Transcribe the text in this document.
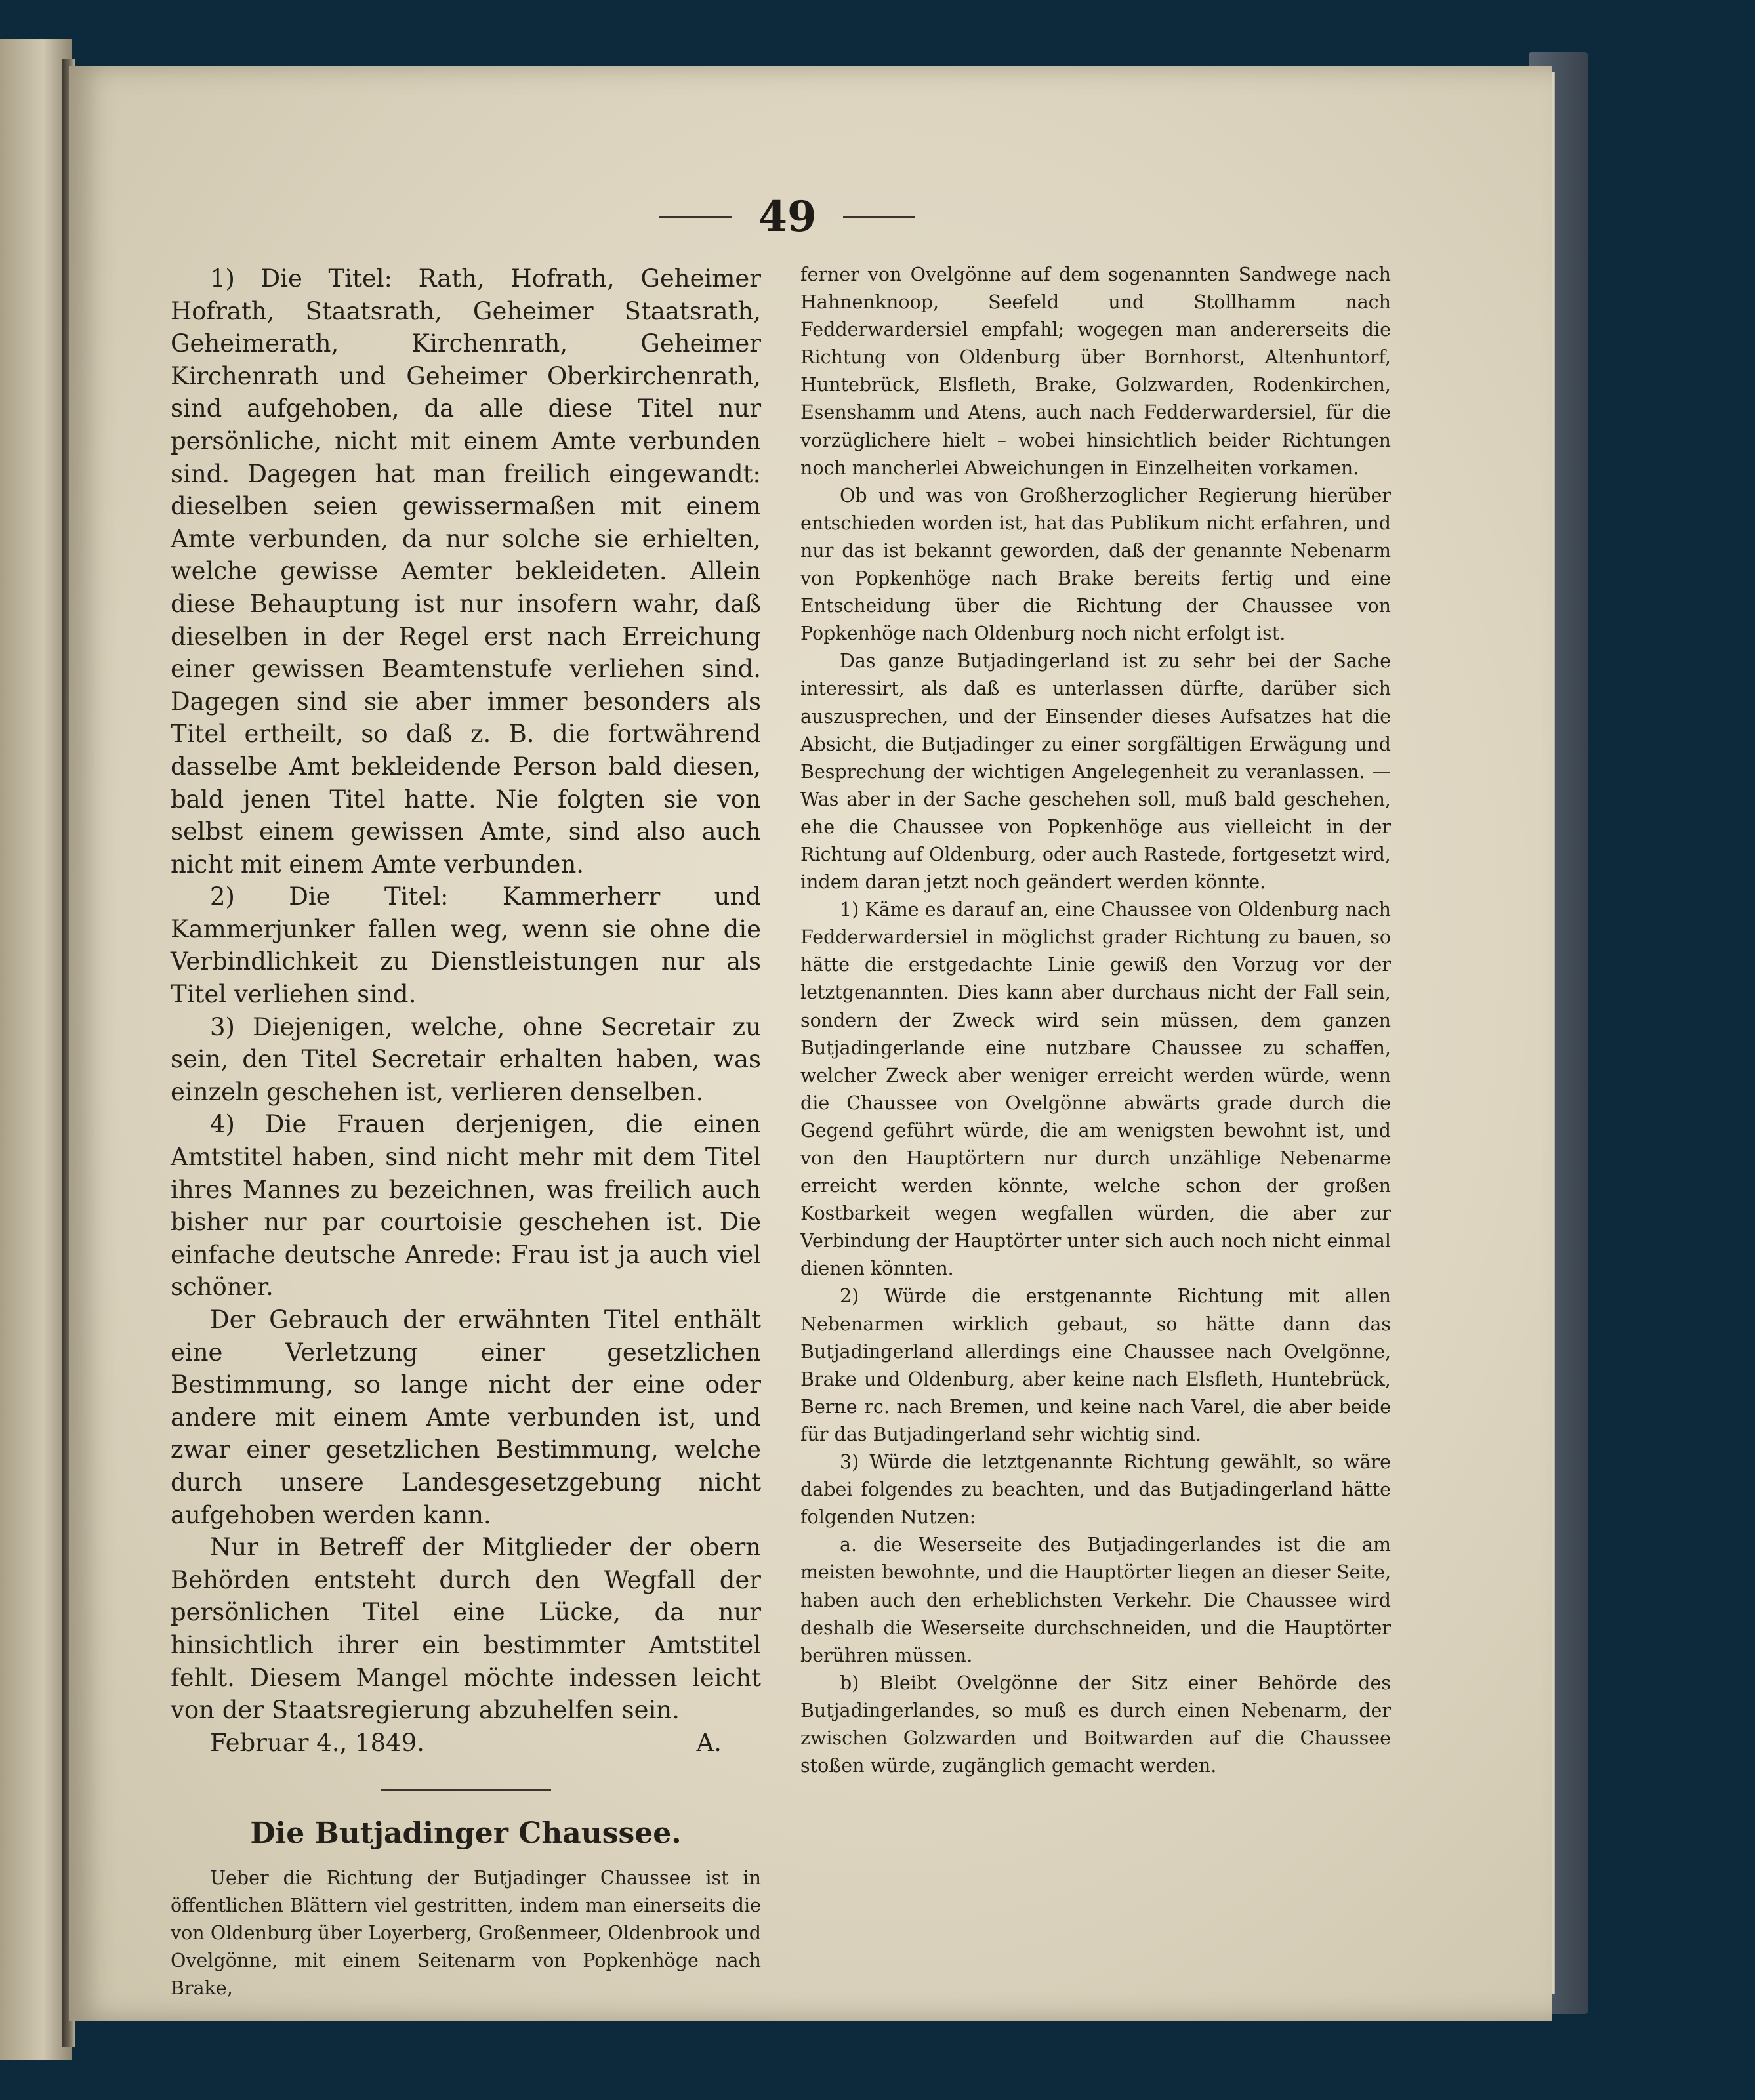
49

1) Die Titel: Rath, Hofrath, Geheimer Hofrath, Staatsrath, Geheimer Staatsrath, Geheimerath, Kirchenrath, Geheimer Kirchenrath und Geheimer Oberkirchenrath, sind aufgehoben, da alle diese Titel nur persönliche, nicht mit einem Amte verbunden sind. Dagegen hat man freilich eingewandt: dieselben seien gewissermaßen mit einem Amte verbunden, da nur solche sie erhielten, welche gewisse Aemter bekleideten. Allein diese Behauptung ist nur insofern wahr, daß dieselben in der Regel erst nach Erreichung einer gewissen Beamtenstufe verliehen sind. Dagegen sind sie aber immer besonders als Titel ertheilt, so daß z. B. die fortwährend dasselbe Amt bekleidende Person bald diesen, bald jenen Titel hatte. Nie folgten sie von selbst einem gewissen Amte, sind also auch nicht mit einem Amte verbunden.

2) Die Titel: Kammerherr und Kammerjunker fallen weg, wenn sie ohne die Verbindlichkeit zu Dienstleistungen nur als Titel verliehen sind.

3) Diejenigen, welche, ohne Secretair zu sein, den Titel Secretair erhalten haben, was einzeln geschehen ist, verlieren denselben.

4) Die Frauen derjenigen, die einen Amtstitel haben, sind nicht mehr mit dem Titel ihres Mannes zu bezeichnen, was freilich auch bisher nur par courtoisie geschehen ist. Die einfache deutsche Anrede: Frau ist ja auch viel schöner.

Der Gebrauch der erwähnten Titel enthält eine Verletzung einer gesetzlichen Bestimmung, so lange nicht der eine oder andere mit einem Amte verbunden ist, und zwar einer gesetzlichen Bestimmung, welche durch unsere Landesgesetzgebung nicht aufgehoben werden kann.

Nur in Betreff der Mitglieder der obern Behörden entsteht durch den Wegfall der persönlichen Titel eine Lücke, da nur hinsichtlich ihrer ein bestimmter Amtstitel fehlt. Diesem Mangel möchte indessen leicht von der Staatsregierung abzuhelfen sein.

Februar 4., 1849.	A.
Die Butjadinger Chaussee.

Ueber die Richtung der Butjadinger Chaussee ist in öffentlichen Blättern viel gestritten, indem man einerseits die von Oldenburg über Loyerberg, Großenmeer, Oldenbrook und Ovelgönne, mit einem Seitenarm von Popkenhöge nach Brake,

ferner von Ovelgönne auf dem sogenannten Sandwege nach Hahnenknoop, Seefeld und Stollhamm nach Fedderwardersiel empfahl; wogegen man andererseits die Richtung von Oldenburg über Bornhorst, Altenhuntorf, Huntebrück, Elsfleth, Brake, Golzwarden, Rodenkirchen, Esenshamm und Atens, auch nach Fedderwardersiel, für die vorzüglichere hielt – wobei hinsichtlich beider Richtungen noch mancherlei Abweichungen in Einzelheiten vorkamen.

Ob und was von Großherzoglicher Regierung hierüber entschieden worden ist, hat das Publikum nicht erfahren, und nur das ist bekannt geworden, daß der genannte Nebenarm von Popkenhöge nach Brake bereits fertig und eine Entscheidung über die Richtung der Chaussee von Popkenhöge nach Oldenburg noch nicht erfolgt ist.

Das ganze Butjadingerland ist zu sehr bei der Sache interessirt, als daß es unterlassen dürfte, darüber sich auszusprechen, und der Einsender dieses Aufsatzes hat die Absicht, die Butjadinger zu einer sorgfältigen Erwägung und Besprechung der wichtigen Angelegenheit zu veranlassen. — Was aber in der Sache geschehen soll, muß bald geschehen, ehe die Chaussee von Popkenhöge aus vielleicht in der Richtung auf Oldenburg, oder auch Rastede, fortgesetzt wird, indem daran jetzt noch geändert werden könnte.

1) Käme es darauf an, eine Chaussee von Oldenburg nach Fedderwardersiel in möglichst grader Richtung zu bauen, so hätte die erstgedachte Linie gewiß den Vorzug vor der letztgenannten. Dies kann aber durchaus nicht der Fall sein, sondern der Zweck wird sein müssen, dem ganzen Butjadingerlande eine nutzbare Chaussee zu schaffen, welcher Zweck aber weniger erreicht werden würde, wenn die Chaussee von Ovelgönne abwärts grade durch die Gegend geführt würde, die am wenigsten bewohnt ist, und von den Hauptörtern nur durch unzählige Nebenarme erreicht werden könnte, welche schon der großen Kostbarkeit wegen wegfallen würden, die aber zur Verbindung der Hauptörter unter sich auch noch nicht einmal dienen könnten.

2) Würde die erstgenannte Richtung mit allen Nebenarmen wirklich gebaut, so hätte dann das Butjadingerland allerdings eine Chaussee nach Ovelgönne, Brake und Oldenburg, aber keine nach Elsfleth, Huntebrück, Berne rc. nach Bremen, und keine nach Varel, die aber beide für das Butjadingerland sehr wichtig sind.

3) Würde die letztgenannte Richtung gewählt, so wäre dabei folgendes zu beachten, und das Butjadingerland hätte folgenden Nutzen:

a. die Weserseite des Butjadingerlandes ist die am meisten bewohnte, und die Hauptörter liegen an dieser Seite, haben auch den erheblichsten Verkehr. Die Chaussee wird deshalb die Weserseite durchschneiden, und die Hauptörter berühren müssen.

b) Bleibt Ovelgönne der Sitz einer Behörde des Butjadingerlandes, so muß es durch einen Nebenarm, der zwischen Golzwarden und Boitwarden auf die Chaussee stoßen würde, zugänglich gemacht werden.
